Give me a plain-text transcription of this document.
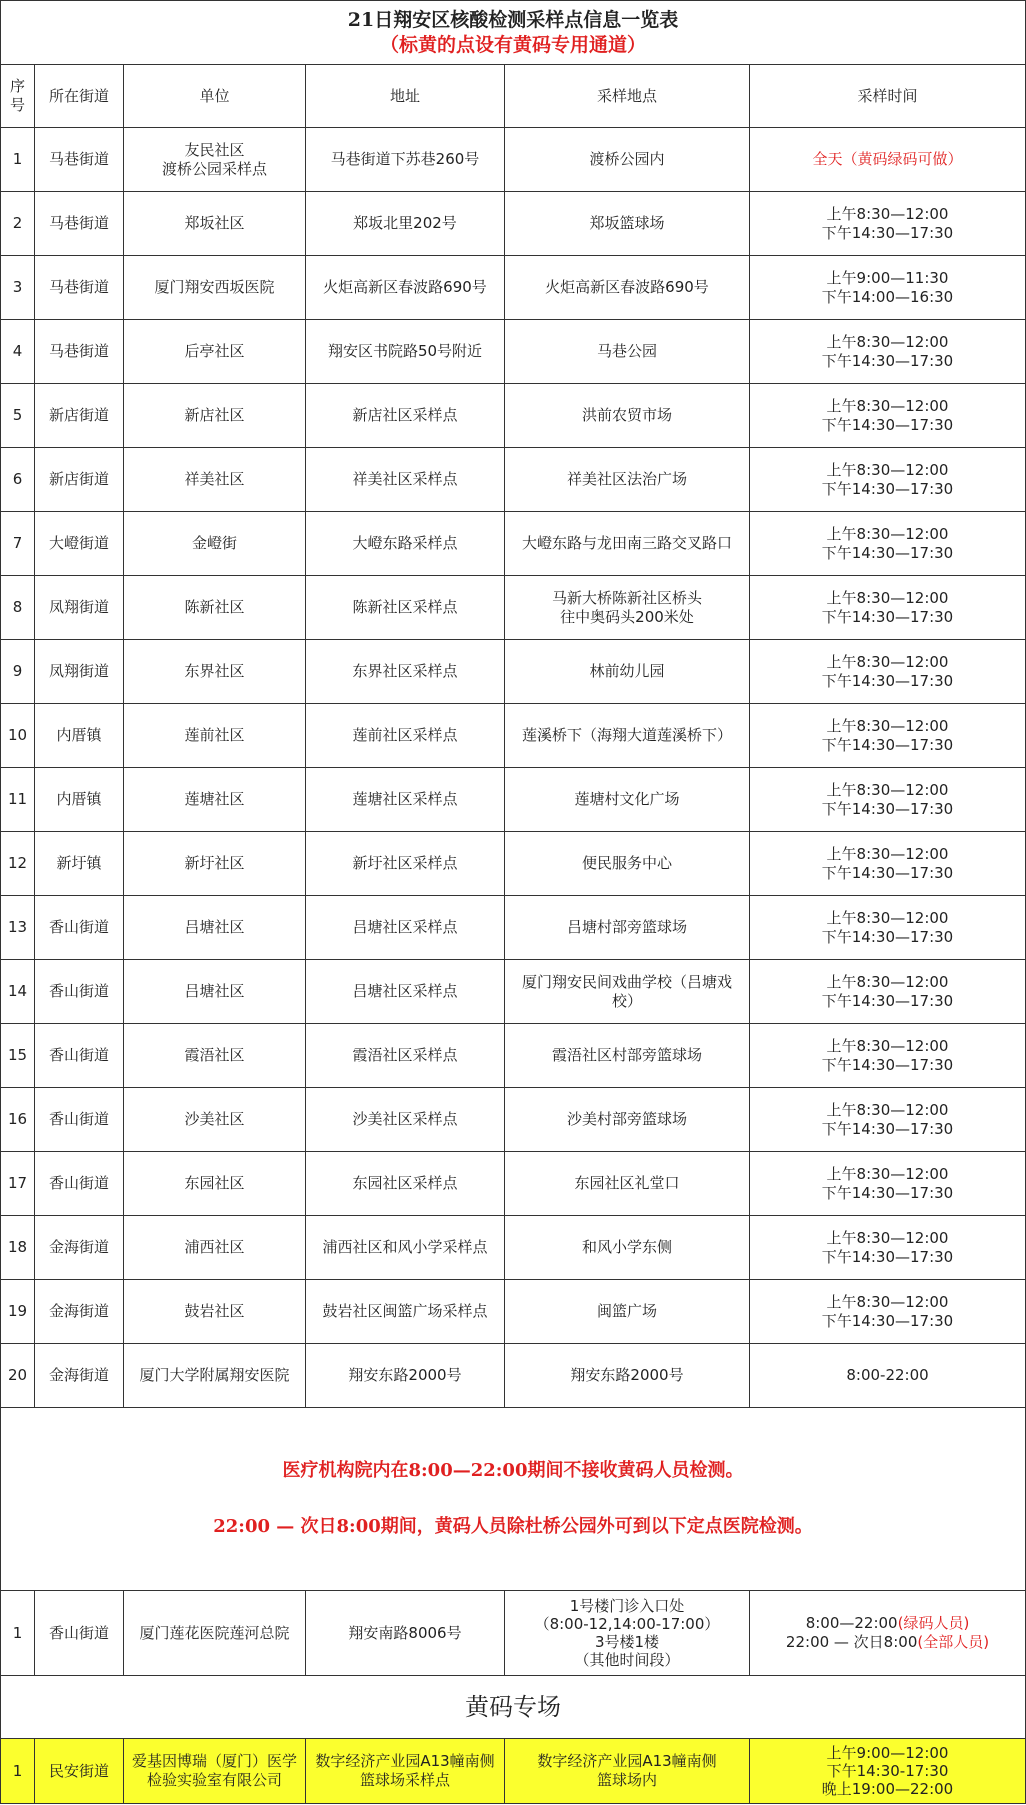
21日翔安区核酸检测采样点信息一览表
（标黄的点设有黄码专用通道）					

序号	所在街道	单位	地址	采样地点	采样时间
1	马巷街道	友民社区
渡桥公园采样点	马巷街道下苏巷260号	渡桥公园内	全天（黄码绿码可做）

2	马巷街道	郑坂社区	郑坂北里202号	郑坂篮球场	上午8:30—12:00
下午14:30—17:30

3	马巷街道	厦门翔安西坂医院	火炬高新区春波路690号	火炬高新区春波路690号	上午9:00—11:30
下午14:00—16:30

4	马巷街道	后亭社区	翔安区书院路50号附近	马巷公园	上午8:30—12:00
下午14:30—17:30

5	新店街道	新店社区	新店社区采样点	洪前农贸市场	上午8:30—12:00
下午14:30—17:30

6	新店街道	祥美社区	祥美社区采样点	祥美社区法治广场	上午8:30—12:00
下午14:30—17:30

7	大嶝街道	金嶝街	大嶝东路采样点	大嶝东路与龙田南三路交叉路口	上午8:30—12:00
下午14:30—17:30

8	凤翔街道	陈新社区	陈新社区采样点	马新大桥陈新社区桥头
往中奥码头200米处	上午8:30—12:00
下午14:30—17:30

9	凤翔街道	东界社区	东界社区采样点	林前幼儿园	上午8:30—12:00
下午14:30—17:30

10	内厝镇	莲前社区	莲前社区采样点	莲溪桥下（海翔大道莲溪桥下）	上午8:30—12:00
下午14:30—17:30

11	内厝镇	莲塘社区	莲塘社区采样点	莲塘村文化广场	上午8:30—12:00
下午14:30—17:30

12	新圩镇	新圩社区	新圩社区采样点	便民服务中心	上午8:30—12:00
下午14:30—17:30

13	香山街道	吕塘社区	吕塘社区采样点	吕塘村部旁篮球场	上午8:30—12:00
下午14:30—17:30

14	香山街道	吕塘社区	吕塘社区采样点	厦门翔安民间戏曲学校（吕塘戏
校）	上午8:30—12:00
下午14:30—17:30

15	香山街道	霞浯社区	霞浯社区采样点	霞浯社区村部旁篮球场	上午8:30—12:00
下午14:30—17:30

16	香山街道	沙美社区	沙美社区采样点	沙美村部旁篮球场	上午8:30—12:00
下午14:30—17:30

17	香山街道	东园社区	东园社区采样点	东园社区礼堂口	上午8:30—12:00
下午14:30—17:30

18	金海街道	浦西社区	浦西社区和风小学采样点	和风小学东侧	上午8:30—12:00
下午14:30—17:30

19	金海街道	鼓岩社区	鼓岩社区闽篮广场采样点	闽篮广场	上午8:30—12:00
下午14:30—17:30

20	金海街道	厦门大学附属翔安医院	翔安东路2000号	翔安东路2000号	8:00-22:00

医疗机构院内在8:00—22:00期间不接收黄码人员检测。
22:00 — 次日8:00期间，黄码人员除杜桥公园外可到以下定点医院检测。					

1	香山街道	厦门莲花医院莲河总院	翔安南路8006号	1号楼门诊入口处
（8:00-12,14:00-17:00）
3号楼1楼
（其他时间段）	8:00—22:00(绿码人员)
22:00 — 次日8:00(全部人员)

黄码专场					
1	民安街道	爱基因博瑞（厦门）医学
检验实验室有限公司	数字经济产业园A13幢南侧
篮球场采样点	数字经济产业园A13幢南侧
篮球场内	上午9:00—12:00
下午14:30-17:30
晚上19:00—22:00
